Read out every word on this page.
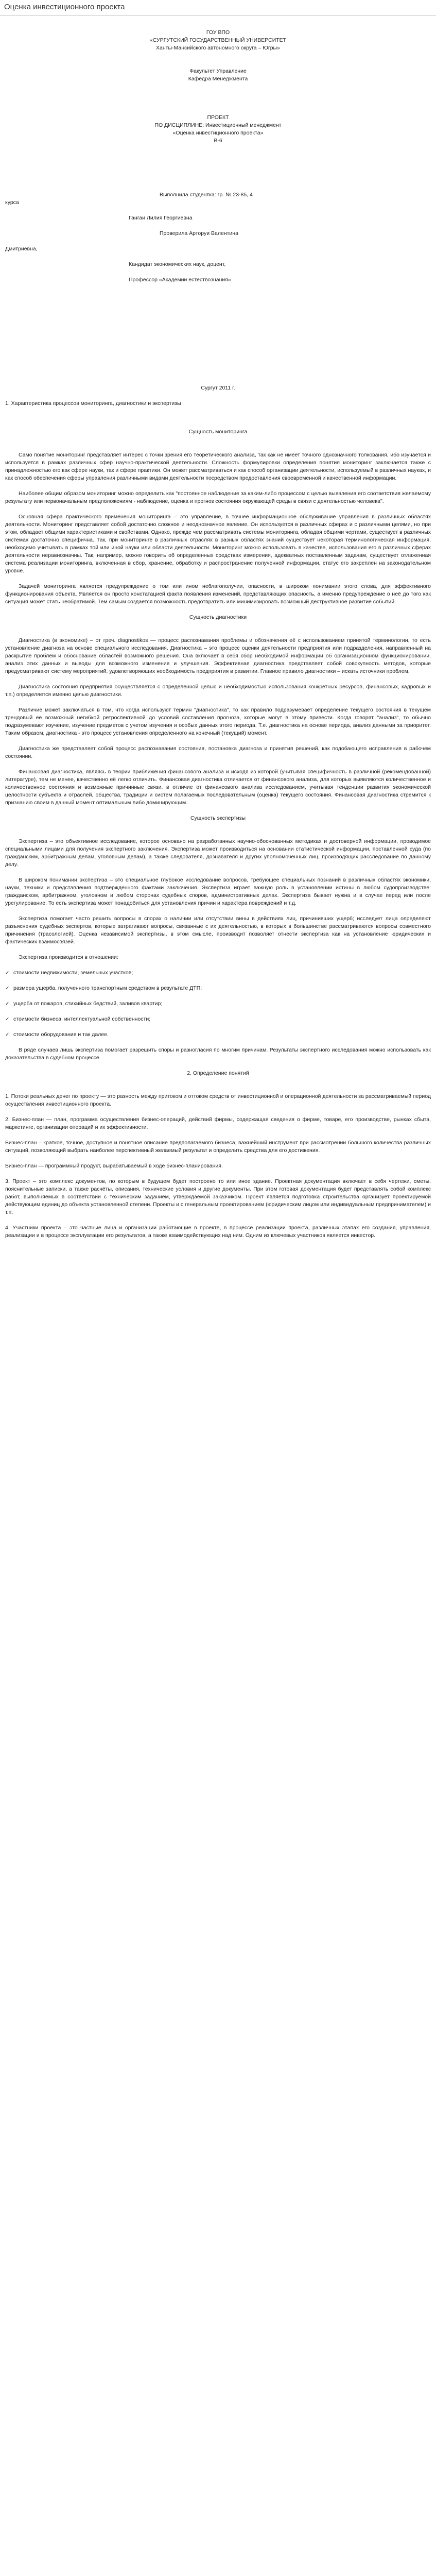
Оценка инвестиционного проекта
ГОУ ВПО
«СУРГУТСКИЙ ГОСУДАРСТВЕННЫЙ УНИВЕРСИТЕТ
Ханты-Мансийского автономного округа – Югры»
Факультет Управление
Кафедра Менеджмента
ПРОЕКТ
ПО ДИСЦИПЛИНЕ: Инвестиционный менеджмент
«Оценка инвестиционного проекта»
В-6
Выполнила студентка: гр. № 23-85, 4
курса
Гангаи Лилия Георгиевна
Проверила Арторуи Валентина
Дмитриевна,
Кандидат экономических наук, доцент,
Профессор «Академии естествознания»
Сургут 2011 г.
1. Характеристика процессов мониторинга, диагностики и экспертизы
Сущность мониторинга

Само понятие мониторинг представляет интерес с точки зрения его теоретического анализа, так как не имеет точного однозначного толкования, ибо изучается и используется в рамках различных сфер научно-практической деятельности. Сложность формулировки определения понятия мониторинг заключается также с принадлежностью его как сфере науки, так и сфере практики. Он может рассматриваться и как способ организации деятельности, используемый в различных науках, и как способ обеспечения сферы управления различными видами деятельности посредством предоставления своевременной и качественной информации.

Наиболее общим образом мониторинг можно определить как "постоянное наблюдение за каким-либо процессом с целью выявления его соответствия желаемому результату или первоначальным предположениям - наблюдение, оценка и прогноз состояния окружающей среды в связи с деятельностью человека".

Основная сфера практического применения мониторинга – это управление, в точнее информационное обслуживание управления в различных областях деятельности. Мониторинг представляет собой достаточно сложное и неоднозначное явление. Он используется в различных сферах и с различными целями, но при этом, обладает общими характеристиками и свойствами. Однако, прежде чем рассматривать системы мониторинга, обладая общими чертами, существует в различных системах достаточно специфична. Так, при мониторинге в различных отраслях в разных областях знаний существует некоторая терминологическая информация, необходимо учитывать в рамках той или иной науки или области деятельности. Мониторинг можно использовать в качестве, использования его в различных сферах деятельности неравнозначны. Так, например, можно говорить об определенных средствах измерения, адекватных поставленным задачам, существует отлаженная система реализации мониторинга, включенная в сбор, хранение, обработку и распространение полученной информации, статус его закреплен на законодательном уровне.

Задачей мониторинга является предупреждение о том или ином неблагополучии, опасности, в широком понимании этого слова, для эффективного функционирования объекта. Является он просто констатацией факта появления изменений, представляющих опасность, а именно предупреждение о неё до того как ситуация может стать необратимой. Тем самым создается возможность предотвратить или минимизировать возможный деструктивное развитие событий.

Сущность диагностики

Диагностика (в экономике) – от греч. diagnostikos — процесс распознавания проблемы и обозначения её с использованием принятой терминологии, то есть установление диагноза на основе специального исследования. Диагностика – это процесс оценки деятельности предприятия или подразделения, направленный на раскрытие проблем и обоснование областей возможного решения. Она включает в себя сбор необходимой информации об организационном функционировании, анализ этих данных и выводы для возможного изменения и улучшения. Эффективная диагностика представляет собой совокупность методов, которые предусматривают систему мероприятий, удовлетворяющих необходимость предприятия в развитии. Главное правило диагностики – искать источники проблем.

Диагностика состояния предприятия осуществляется с определенной целью и необходимостью использования конкретных ресурсов, финансовых, кадровых и т.п.) определяется именно целью диагностики.

Различие может заключаться в том, что когда используют термин "диагностика", то как правило подразумевает определение текущего состояния в текущем трендовый её возможный негибкой ретроспективной до условий составления прогноза, которые могут в этому привести. Когда говорят "анализ", то обычно подразумевают изучение, изучение предметов с учетом изучения и особых данных этого периода. Т.е. диагностика на основе периода, анализ данными за приоритет. Таким образом, диагностика - это процесс установления определенного на конечный (текущий) момент.

Диагностика же представляет собой процесс распознавания состояния, постановка диагноза и принятия решений, как подобающего исправления в рабочем состоянии.

Финансовая диагностика, являясь в теории приближения финансового анализа и исходя из которой (учитывая специфичность в различной (рекомендованной) литературе), тем не менее, качественно её легко отличить. Финансовая диагностика отличается от финансового анализа, для которых выявляются количественное и количественное состояния и возможные причинные связи, в отличие от финансового анализа исследованием, учитывая тенденции развития экономической целостности субъекта и отраслей, общества, традиции и систем полагаемых последовательным (оценка) текущего состояния. Финансовая диагностика стремится к признанию своим в данный момент оптимальным либо доминирующим.

Сущность экспертизы

Экспертиза – это объективное исследование, которое основано на разработанных научно-обоснованных методиках и достоверной информации, проводимое специальными лицами для получения экспертного заключения. Экспертиза может производиться на основании статистической информации, поставленной суда (по гражданским, арбитражным делам, уголовным делам), а также следователя, дознавателя и других уполномоченных лиц, производящих расследование по данному делу.

В широком понимании экспертиза – это специальное глубокое исследование вопросов, требующее специальных познаний в различных областях экономики, науки, техники и представления подтвержденного фактами заключения. Экспертиза играет важную роль в установлении истины в любом судопроизводстве: гражданском, арбитражном, уголовном и любом сторонах судебных споров, административных делах. Экспертиза бывает нужна и в случае перед или после урегулирование. То есть экспертиза может понадобиться для установления причин и характера повреждений и т.д.

Экспертиза помогает часто решить вопросы в спорах о наличии или отсутствии вины в действиях лиц, причинивших ущерб; исследует лица определяют разъяснения судебных экспертов, которые затрагивают вопросы, связанные с их деятельностью, в которых в большинстве рассматриваются вопросы совместного причинения (трасологией). Оценка независимой экспертизы, в этом смысле, производит позволяет отнести экспертиза как на установление юридических и фактических взаимосвязей.

Экспертиза производится в отношении:

✓ стоимости недвижимости, земельных участков;
✓ размера ущерба, полученного транспортным средством в результате ДТП;
✓ ущерба от пожаров, стихийных бедствий, заливов квартир;
✓ стоимости бизнеса, интеллектуальной собственности;
✓ стоимости оборудования и так далее.

В ряде случаев лишь экспертиза помогает разрешить споры и разногласия по многим причинам. Результаты экспертного исследования можно использовать как доказательства в судебном процессе.

2. Определение понятий
1. Потоки реальных денег по проекту — это разность между притоком и оттоком средств от инвестиционной и операционной деятельности за рассматриваемый период осуществления инвестиционного проекта.
2. Бизнес-план — план, программа осуществления бизнес-операций, действий фирмы, содержащая сведения о фирме, товаре, его производстве, рынках сбыта, маркетинге, организации операций и их эффективности.
Бизнес-план – краткое, точное, доступное и понятное описание предполагаемого бизнеса, важнейший инструмент при рассмотрении большого количества различных ситуаций, позволяющий выбрать наиболее перспективный желаемый результат и определить средства для его достижения.
Бизнес-план — программный продукт, вырабатываемый в ходе бизнес-планирования.
3. Проект – это комплекс документов, по которым в будущем будет построено то или иное здание. Проектная документация включает в себя чертежи, сметы, пояснительные записки, а также расчёты, описания, технические условия и другие документы. При этом готовая документация будет представлять собой комплекс работ, выполняемых в соответствии с техническим заданием, утверждаемой заказчиком. Проект является подготовка строительства организует проектируемой действующим единиц до объекта установленной степени. Проекты и с генеральным проектированием (юридическим лицом или индивидуальным предпринимателем) и т.п.
4. Участники проекта – это частные лица и организации работающие в проекте, в процессе реализации проекта, различных этапах его создания, управления, реализации и в процессе эксплуатации его результатов, а также взаимодействующих над ним. Одним из ключевых участников является инвестор.
